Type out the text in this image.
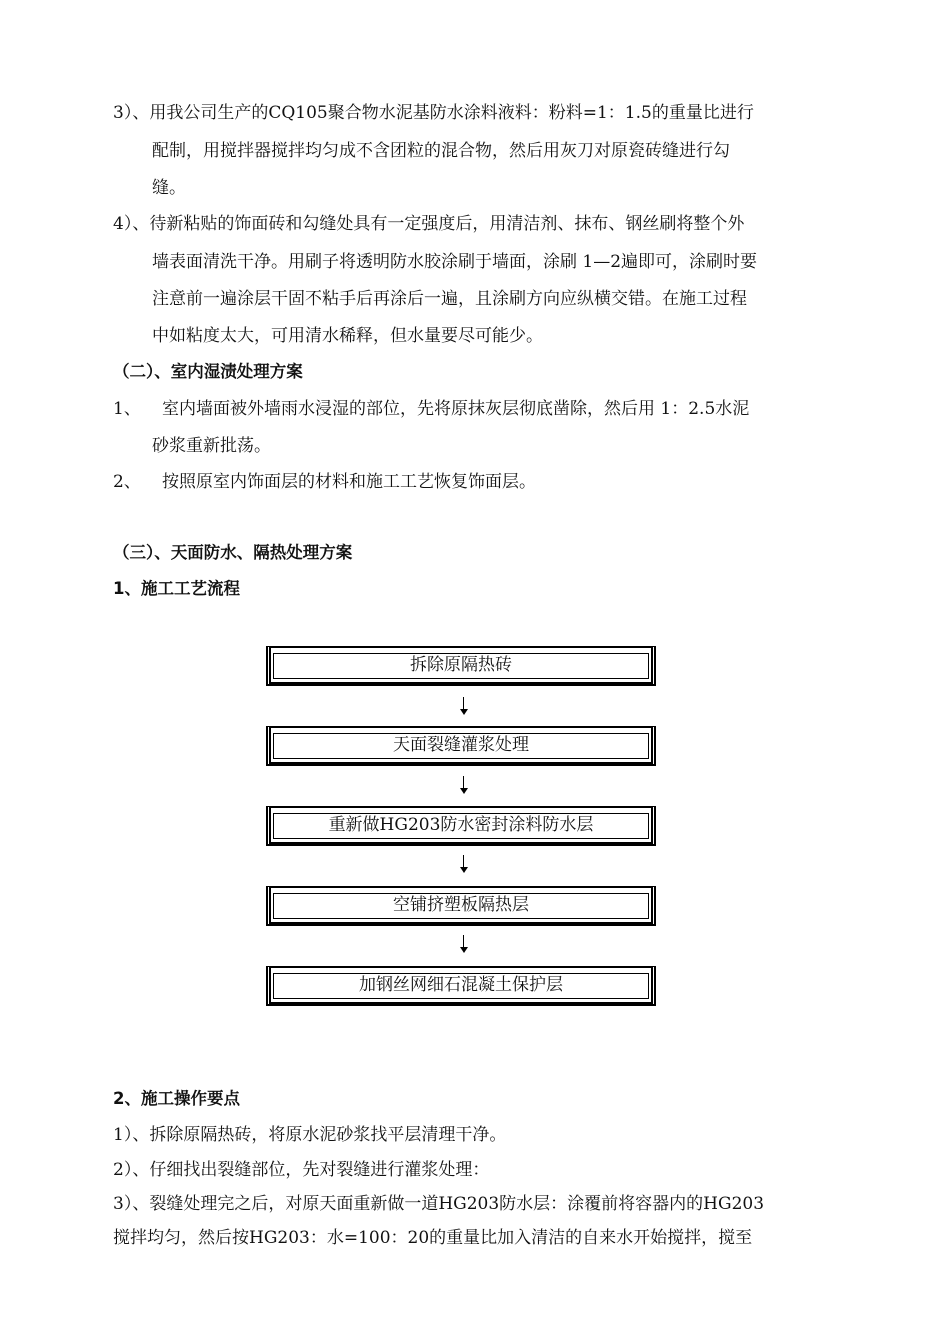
3）、用我公司生产的CQ105聚合物水泥基防水涂料液料：粉料=1：1.5的重量比进行
配制，用搅拌器搅拌均匀成不含团粒的混合物，然后用灰刀对原瓷砖缝进行勾
缝。
4）、待新粘贴的饰面砖和勾缝处具有一定强度后，用清洁剂、抹布、钢丝刷将整个外
墙表面清洗干净。用刷子将透明防水胶涂刷于墙面，涂刷 1—2遍即可，涂刷时要
注意前一遍涂层干固不粘手后再涂后一遍，且涂刷方向应纵横交错。在施工过程
中如粘度太大，可用清水稀释，但水量要尽可能少。
（二）、室内湿渍处理方案
1、 室内墙面被外墙雨水浸湿的部位，先将原抹灰层彻底凿除，然后用 1：2.5水泥
砂浆重新批荡。
2、 按照原室内饰面层的材料和施工工艺恢复饰面层。
（三）、天面防水、隔热处理方案
1、施工工艺流程
拆除原隔热砖
天面裂缝灌浆处理
重新做HG203防水密封涂料防水层
空铺挤塑板隔热层
加钢丝网细石混凝土保护层
2、施工操作要点
1）、拆除原隔热砖，将原水泥砂浆找平层清理干净。
2）、仔细找出裂缝部位，先对裂缝进行灌浆处理：
3）、裂缝处理完之后，对原天面重新做一道HG203防水层：涂覆前将容器内的HG203
搅拌均匀，然后按HG203：水=100：20的重量比加入清洁的自来水开始搅拌，搅至
